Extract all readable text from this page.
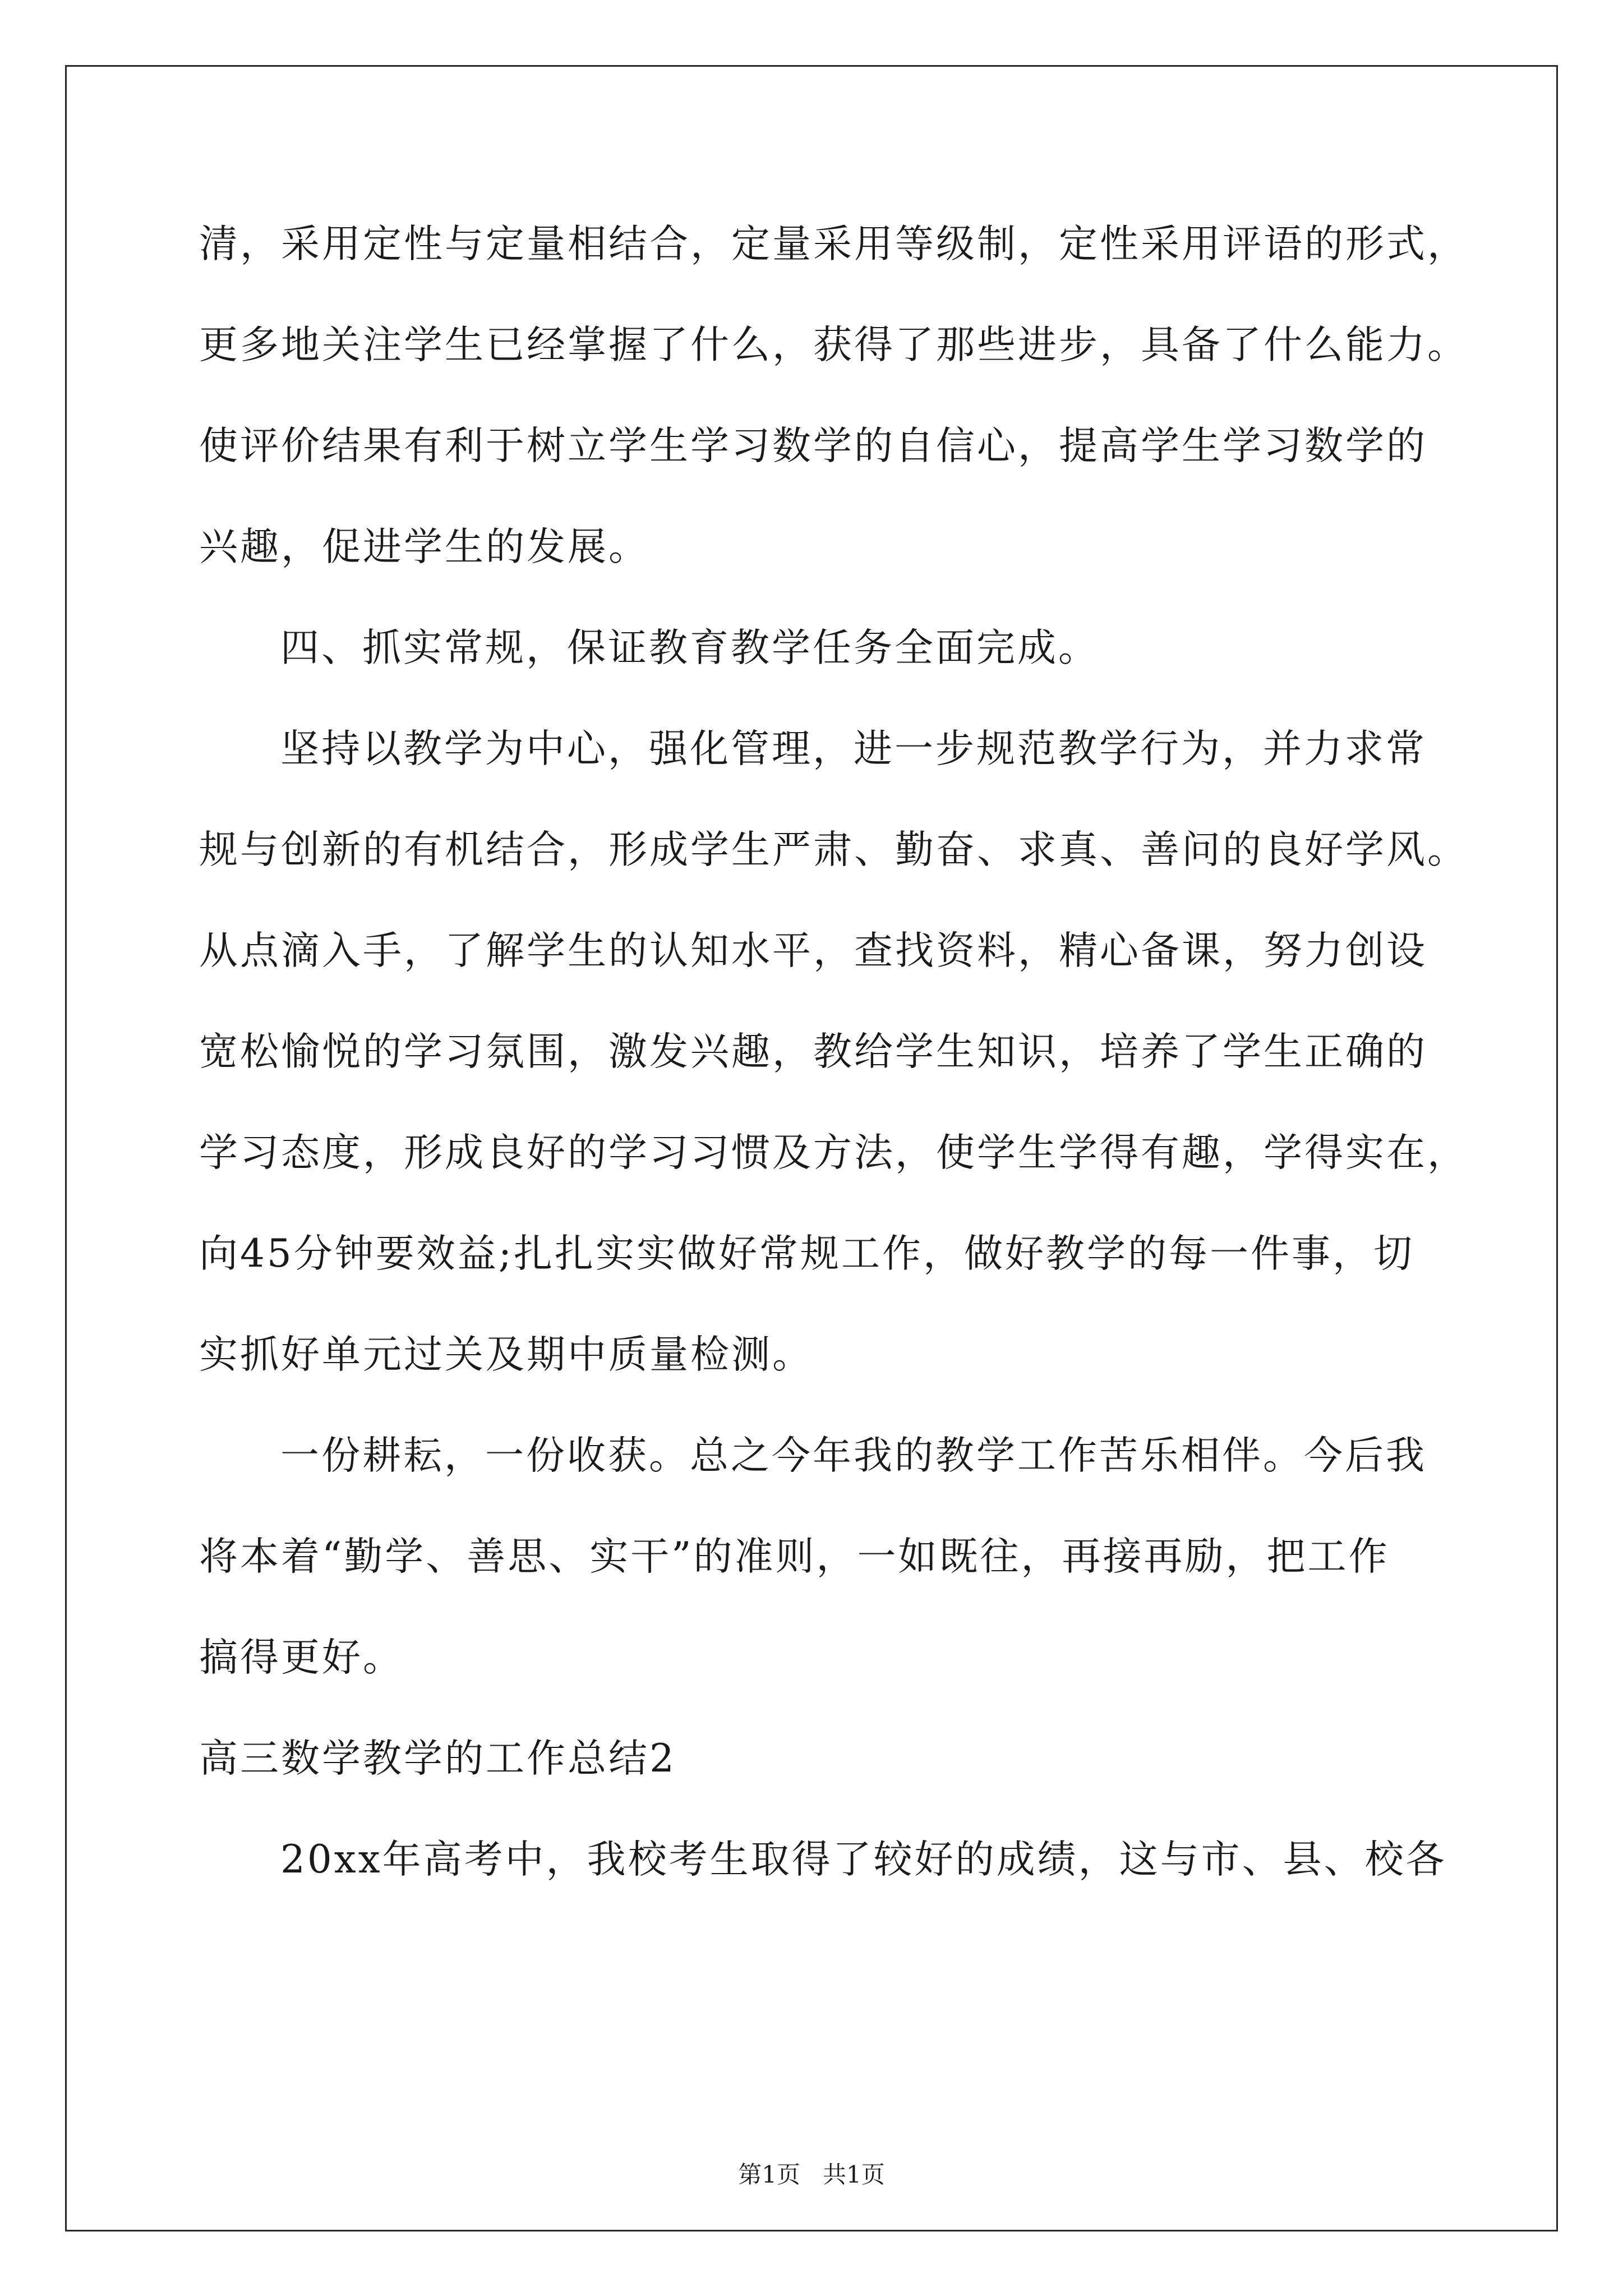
清，采用定性与定量相结合，定量采用等级制，定性采用评语的形式，
更多地关注学生已经掌握了什么，获得了那些进步，具备了什么能力。
使评价结果有利于树立学生学习数学的自信心，提高学生学习数学的
兴趣，促进学生的发展。
四、抓实常规，保证教育教学任务全面完成。
坚持以教学为中心，强化管理，进一步规范教学行为，并力求常
规与创新的有机结合，形成学生严肃、勤奋、求真、善问的良好学风。
从点滴入手，了解学生的认知水平，查找资料，精心备课，努力创设
宽松愉悦的学习氛围，激发兴趣，教给学生知识，培养了学生正确的
学习态度，形成良好的学习习惯及方法，使学生学得有趣，学得实在，
向45分钟要效益;扎扎实实做好常规工作，做好教学的每一件事，切
实抓好单元过关及期中质量检测。
一份耕耘，一份收获。总之今年我的教学工作苦乐相伴。今后我
将本着“勤学、善思、实干”的准则，一如既往，再接再励，把工作
搞得更好。
高三数学教学的工作总结2
20xx年高考中，我校考生取得了较好的成绩，这与市、县、校各
第1页   共1页
